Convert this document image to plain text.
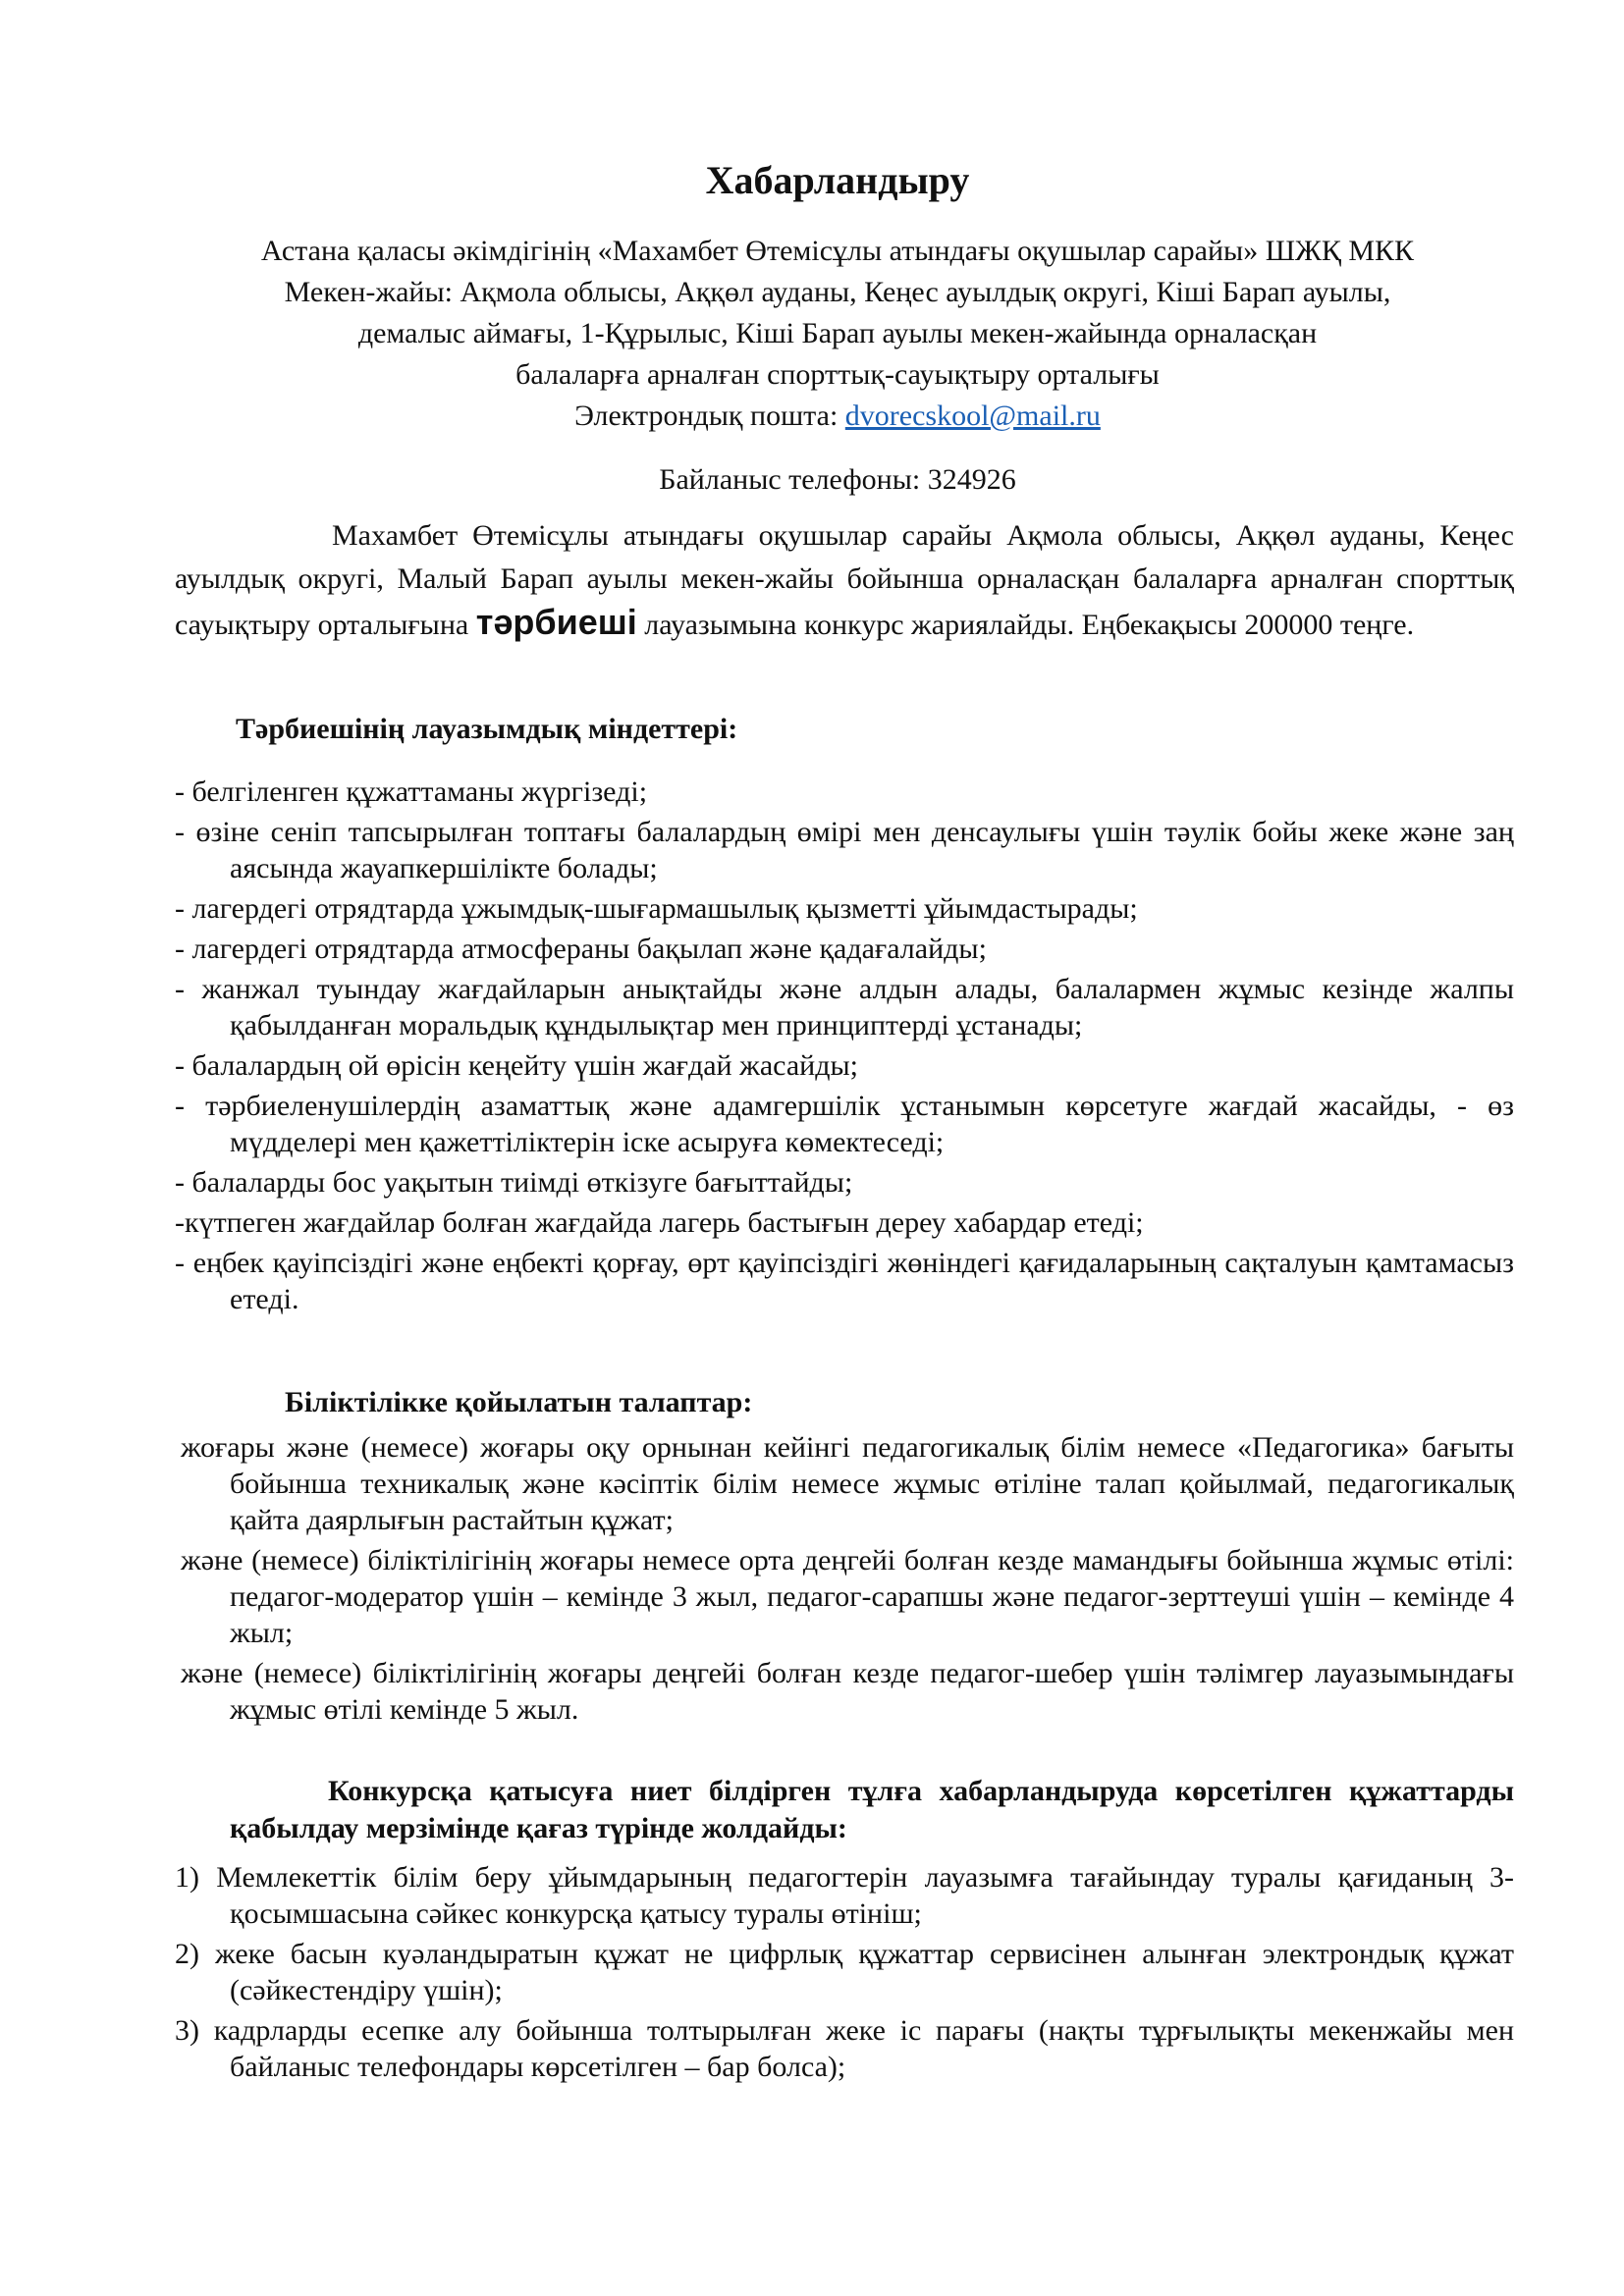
Хабарландыру
Астана қаласы әкімдігінің «Махамбет Өтемісұлы атындағы оқушылар сарайы» ШЖҚ МКК
Мекен-жайы: Ақмола облысы, Аққөл ауданы, Кеңес ауылдық округі, Кіші Барап ауылы,
демалыс аймағы, 1-Құрылыс, Кіші Барап ауылы мекен-жайында орналасқан
балаларға арналған спорттық-сауықтыру орталығы
Электрондық пошта: dvorecskool@mail.ru
Байланыс телефоны: 324926
Махамбет Өтемісұлы атындағы оқушылар сарайы Ақмола облысы, Аққөл ауданы, Кеңес ауылдық округі, Малый Барап ауылы мекен-жайы бойынша орналасқан балаларға арналған спорттық сауықтыру орталығына тәрбиеші лауазымына конкурс жариялайды. Еңбекақысы 200000 теңге.
Тәрбиешінің лауазымдық міндеттері:
- белгіленген құжаттаманы жүргізеді;
- өзіне сеніп тапсырылған топтағы балалардың өмірі мен денсаулығы үшін тәулік бойы жеке және заң аясында жауапкершілікте болады;
- лагердегі отрядтарда ұжымдық-шығармашылық қызметті ұйымдастырады;
- лагердегі отрядтарда атмосфераны бақылап және қадағалайды;
- жанжал туындау жағдайларын анықтайды және алдын алады, балалармен жұмыс кезінде жалпы қабылданған моральдық құндылықтар мен принциптерді ұстанады;
- балалардың ой өрісін кеңейту үшін жағдай жасайды;
- тәрбиеленушілердің азаматтық және адамгершілік ұстанымын көрсетуге жағдай жасайды, - өз мүдделері мен қажеттіліктерін іске асыруға көмектеседі;
- балаларды бос уақытын тиімді өткізуге бағыттайды;
-күтпеген жағдайлар болған жағдайда лагерь бастығын дереу хабардар етеді;
- еңбек қауіпсіздігі және еңбекті қорғау, өрт қауіпсіздігі жөніндегі қағидаларының сақталуын қамтамасыз етеді.
Біліктілікке қойылатын талаптар:
жоғары және (немесе) жоғары оқу орнынан кейінгі педагогикалық білім немесе «Педагогика» бағыты бойынша техникалық және кәсіптік білім немесе жұмыс өтіліне талап қойылмай, педагогикалық қайта даярлығын растайтын құжат;
және (немесе) біліктілігінің жоғары немесе орта деңгейі болған кезде мамандығы бойынша жұмыс өтілі: педагог-модератор үшін – кемінде 3 жыл, педагог-сарапшы және педагог-зерттеуші үшін – кемінде 4 жыл;
және (немесе) біліктілігінің жоғары деңгейі болған кезде педагог-шебер үшін тәлімгер лауазымындағы жұмыс өтілі кемінде 5 жыл.
Конкурсқа қатысуға ниет білдірген тұлға хабарландыруда көрсетілген құжаттарды қабылдау мерзімінде қағаз түрінде жолдайды:
1) Мемлекеттік білім беру ұйымдарының педагогтерін лауазымға тағайындау туралы қағиданың 3- қосымшасына сәйкес конкурсқа қатысу туралы өтініш;
2) жеке басын куәландыратын құжат не цифрлық құжаттар сервисінен алынған электрондық құжат (сәйкестендіру үшін);
3) кадрларды есепке алу бойынша толтырылған жеке іс парағы (нақты тұрғылықты мекенжайы мен байланыс телефондары көрсетілген – бар болса);
